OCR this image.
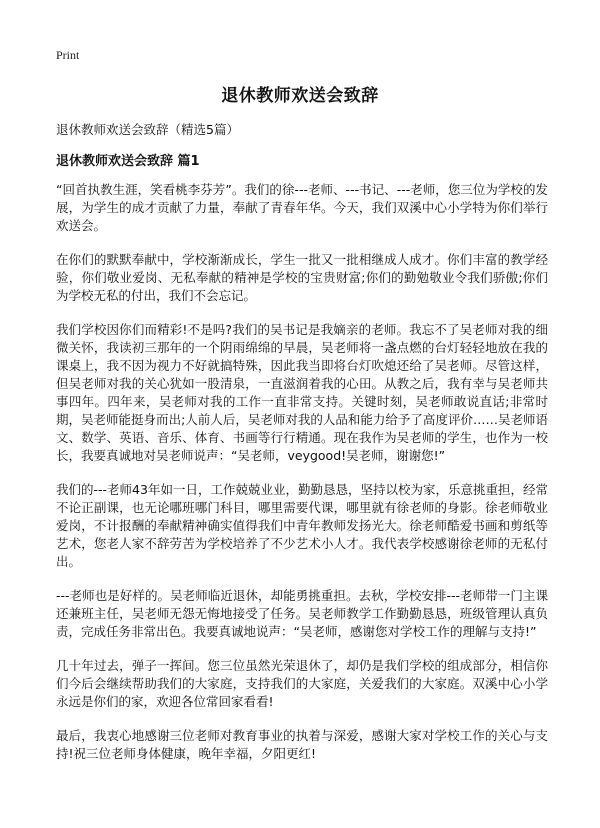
Print
退休教师欢送会致辞
退休教师欢送会致辞（精选5篇）
退休教师欢送会致辞 篇1

“回首执教生涯，笑看桃李芬芳”。我们的徐---老师、---书记、---老师，您三位为学校的发展，为学生的成才贡献了力量，奉献了青春年华。今天，我们双溪中心小学特为你们举行欢送会。

在你们的默默奉献中，学校渐渐成长，学生一批又一批相继成人成才。你们丰富的教学经验，你们敬业爱岗、无私奉献的精神是学校的宝贵财富;你们的勤勉敬业令我们骄傲;你们为学校无私的付出，我们不会忘记。

我们学校因你们而精彩!不是吗?我们的吴书记是我嫡亲的老师。我忘不了吴老师对我的细微关怀，我读初三那年的一个阴雨绵绵的早晨，吴老师将一盏点燃的台灯轻轻地放在我的课桌上，我不因为视力不好就搞特殊，因此我当即将台灯吹熄还给了吴老师。尽管这样，但吴老师对我的关心犹如一股清泉，一直滋润着我的心田。从教之后，我有幸与吴老师共事四年。四年来，吴老师对我的工作一直非常支持。关键时刻，吴老师敢说直话;非常时期，吴老师能挺身而出;人前人后，吴老师对我的人品和能力给予了高度评价……吴老师语文、数学、英语、音乐、体育、书画等行行精通。现在我作为吴老师的学生，也作为一校长，我要真诚地对吴老师说声：“吴老师，veygood!吴老师，谢谢您!”

我们的---老师43年如一日，工作兢兢业业，勤勤恳恳，坚持以校为家，乐意挑重担，经常不论正副课，也无论哪班哪门科目，哪里需要代课，哪里就有徐老师的身影。徐老师敬业爱岗，不计报酬的奉献精神确实值得我们中青年教师发扬光大。徐老师酷爱书画和剪纸等艺术，您老人家不辞劳苦为学校培养了不少艺术小人才。我代表学校感谢徐老师的无私付出。

---老师也是好样的。吴老师临近退休，却能勇挑重担。去秋，学校安排---老师带一门主课还兼班主任，吴老师无怨无悔地接受了任务。吴老师教学工作勤勤恳恳，班级管理认真负责，完成任务非常出色。我要真诚地说声：“吴老师，感谢您对学校工作的理解与支持!”

几十年过去，弹子一挥间。您三位虽然光荣退休了，却仍是我们学校的组成部分，相信你们今后会继续帮助我们的大家庭，支持我们的大家庭，关爱我们的大家庭。双溪中心小学永远是你们的家，欢迎各位常回家看看!

最后，我衷心地感谢三位老师对教育事业的执着与深爱，感谢大家对学校工作的关心与支持!祝三位老师身体健康，晚年幸福，夕阳更红!
